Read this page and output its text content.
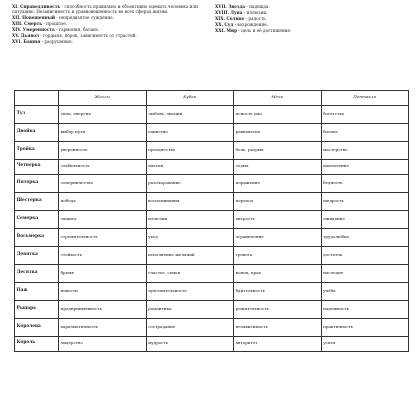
XI. Справедливость - способность правильно и объективно оценить человека или ситуацию. Независимость и уравновешенность во всех сферах жизни.

XII. Повешенный - непредвзятое суждение.

XIII. Смерть - прошлое.

XIV. Умеренность - гармония, баланс.

XV. Дьявол - гордыня, порок, зависимость от страстей.

XVI. Башня - разрушение.

XVII. Звезда - надежда.

XVIII. Луна - иллюзии.

XIX. Солнце - радость.

XX. Суд - возрождение.

XXI. Мир - цель и её достижение.

	Жезлы	Кубки	Мечи	Пентакли
Туз	сила, энергия	любовь, эмоции	ясность ума	богатство
Двойка	выбор пути	единство	равновесие	баланс
Тройка	уверенность	празднество	боль, разрыв	мастерство
Четверка	стабильность	апатия	отдых	накопление
Пятерка	соперничество	разочарование	поражение	бедность
Шестерка	победа	воспоминания	переход	щедрость
Семерка	защита	иллюзии	хитрость	ожидание
Восьмерка	стремительность	уход	ограничение	трудолюбие
Девятка	стойкость	исполнение желаний	тревога	достаток
Десятка	бремя	счастье, семья	конец, крах	наследие
Паж	новости	чувствительность	бдительность	учёба
Рыцарь	предприимчивость	романтика	решительность	надежность
Королева	харизматичность	сострадание	независимость	практичность
Король	лидерство	мудрость	авторитет	успех
